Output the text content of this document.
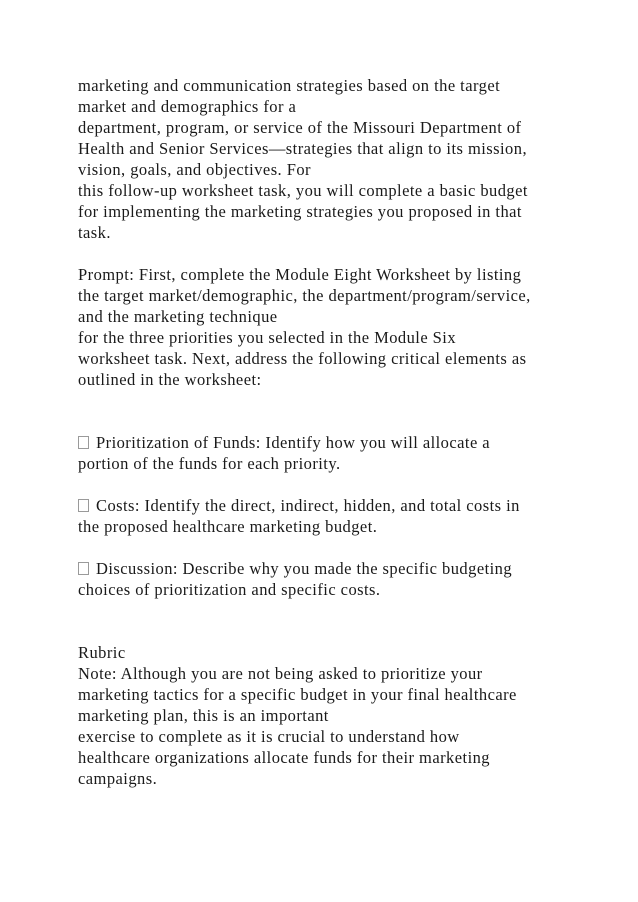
marketing and communication strategies based on the target
market and demographics for a
department, program, or service of the Missouri Department of
Health and Senior Services—strategies that align to its mission,
vision, goals, and objectives. For
this follow-up worksheet task, you will complete a basic budget
for implementing the marketing strategies you proposed in that
task.
Prompt: First, complete the Module Eight Worksheet by listing
the target market/demographic, the department/program/service,
and the marketing technique
for the three priorities you selected in the Module Six
worksheet task. Next, address the following critical elements as
outlined in the worksheet:
Prioritization of Funds: Identify how you will allocate a
portion of the funds for each priority.
Costs: Identify the direct, indirect, hidden, and total costs in
the proposed healthcare marketing budget.
Discussion: Describe why you made the specific budgeting
choices of prioritization and specific costs.
Rubric
Note: Although you are not being asked to prioritize your
marketing tactics for a specific budget in your final healthcare
marketing plan, this is an important
exercise to complete as it is crucial to understand how
healthcare organizations allocate funds for their marketing
campaigns.
